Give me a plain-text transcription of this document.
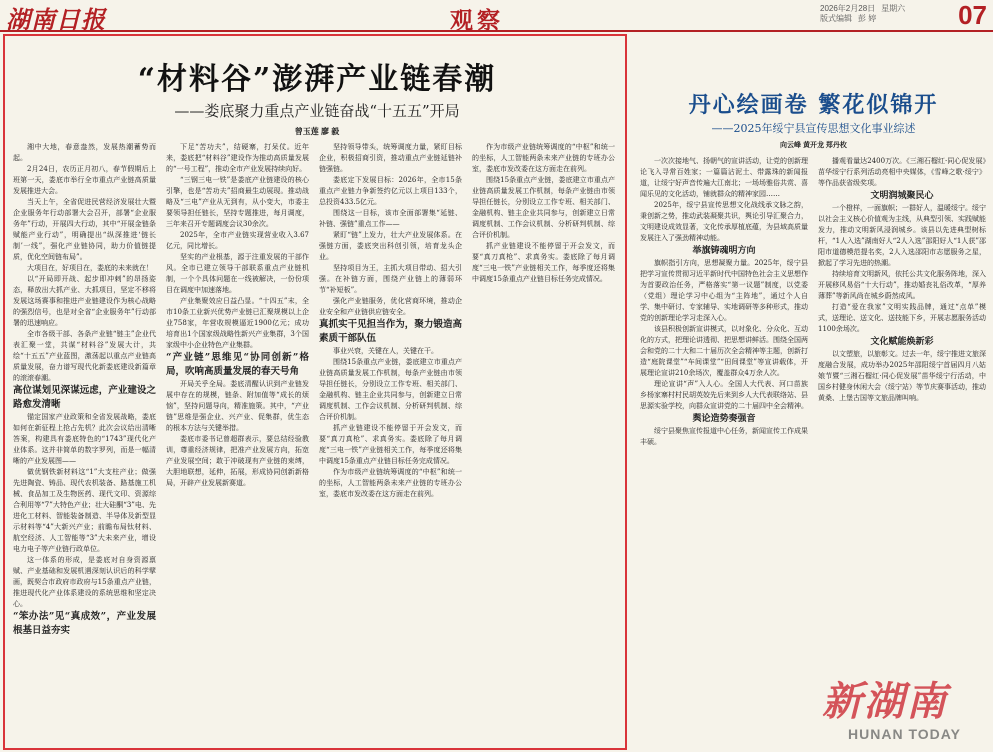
湖南日报	观察	2026年2月28日 星期六
版式编辑 彭 婷	07
“材料谷”澎湃产业链春潮
——娄底聚力重点产业链奋战“十五五”开局
曾玉莲 廖 毅

湘中大地，春意盎然，发展热潮蓄势而起。

2月24日，农历正月初八，春节假期后上班第一天，娄底市举行全市重点产业链高质量发展推进大会。

当天上午，全省促进民营经济发展壮大暨企业服务年行动部署大会召开，部署“企业服务年”行动，开展四大行动，其中“开展金链条赋能产业行动”，明确提出“纵深推进‘链长制’一线”，强化产业链协同，助力价值链提质，优化空间链布局”。

大项目在，好项目在，娄底的未来就在！

以“开局即开战、起步即冲刺”的昂扬姿态，释放出大抓产业、大抓项目，坚定不移将发展这场赛事和推进产业链建设作为核心战略的强烈信号，也是对全省“企业服务年”行动部署的迅速响应。

全市各级干部、各条产业链“链主”企业代表汇聚一堂，共谋“材料谷”发展大计，共绘“十五五”产业蓝图，激荡起以重点产业链高质量发展，奋力谱写现代化新娄底建设新篇章的滚滚春潮。

高位谋划见深谋远虑，产业建设之路愈发清晰

锚定国家产业政策和全省发展战略，娄底如何在新征程上抢占先机？此次会议给出清晰答案，构建具有娄底特色的“1743”现代化产业体系。这并非简单的数字罗列，而是一幅清晰的产业发展图——

做优钢铁新材料这“1”大支柱产业；做强先进陶瓷、铸品、现代农机装备、路基施工机械、食品加工及生物医药、现代文印、资源综合利用等“7”大特色产业；壮大硅酮“3”电、先进化工材料、智能装备制造、半导体及新型显示材料等“4”大新兴产业；前瞻布局钛材料、航空经济、人工智能等“3”大未来产业，增设电力电子等产业链行政单位。

这一体系的形成，是娄底对自身资源禀赋、产业基础和发展机遇深刻认识后的科学擘画，既契合市政府市政府与15条重点产业链，推进现代化产业体系建设的系统思维和坚定决心。

“笨办法”见“真成效”，产业发展根基日益夯实

下足“苦功夫”，结硬寨，打呆仗。近年来，娄底把“材料谷”建设作为推动高质量发展的“一号工程”，推动全市产业发展持续向好。

“三钢三电一铁”是娄底产业链建设的核心引擎，也是“苦功夫”招商最生动展现。推动战略及“三电”产业从无到有，从小变大，市委主要领导担任链长，坚持专题推进，每月调度，三年来召开专题调度会议30余次。

2025年，全市产业链实现营业收入3.67亿元，同比增长。

坚实的产业根基，源于注重发展的干部作风。全市已建立领导干部联系重点产业链机制，一个个具体问题在一线被解决，一份份项目在调度中加速落地。

产业集聚效应日益凸显。“十四五”末，全市10条工业新兴优势产业链已汇聚规模以上企业758家，年营收规模逼近1900亿元；成功培育出1个国家级战略性新兴产业集群，3个国家级中小企业特色产业集群。

“产业链”思维见“协同创新”格局，吹响高质量发展的春天号角

开局关乎全局。娄底清醒认识到产业链发展中存在的规模，链条、附加值等“成长的烦恼”，坚持问题导向，精准施策。其中，“产业链”思维是强企业、兴产业、促集群，优生态的根本方法与关键举措。

娄底市委书记曾超群表示，要总结经验教训，尊重经济规律，把准产业发展方向，拓宽产业发展空间；敢于冲破现有产业链的束缚，大胆地联想，延伸，拓展，形成协同创新新格局，开辟产业发展新赛道。

坚持领导带头，统筹调度力量，紧盯目标企业，积极招商引资，推动重点产业链延链补链强链。

娄底定下发展目标：2026年，全市15条重点产业链力争新签约亿元以上项目133个，总投资433.5亿元。

围绕这一目标，该市全面部署集“延链、补链、强链”重点工作——

紧盯“链”上发力，壮大产业发展体系。在强链方面，娄底突出科创引领，培育龙头企业。

坚持项目为王，主抓大项目带动、招大引强。在补链方面，围绕产业链上的薄弱环节“补短板”。

强化产业链服务，优化营商环境，推动企业安全和产业链供应链安全。

真抓实干见担当作为，聚力锻造高素质干部队伍

事业兴衰，关键在人，关键在干。

围绕15条重点产业链，娄底建立市重点产业链高质量发展工作机制，每条产业链由市领导担任链长，分别设立工作专班、相关部门、金融机构、链主企业共同参与，创新建立日常调度机制、工作会议机制、分析研判机制、综合评价机制。

抓产业链建设不能停留于开会发文，而要“真刀真枪”、求真务实。娄底除了每月调度“三电一铁”产业链相关工作，每季度还将集中调度15条重点产业链目标任务完成情况。

作为市级产业链统筹调度的“中枢”和统一的坐标，人工智能两条未来产业链的专班办公室，娄底市发改委在这方面走在前列。

作为市级产业链统筹调度的“中枢”和统一的坐标，人工智能两条未来产业链的专班办公室，娄底市发改委在这方面走在前列。

围绕15条重点产业链，娄底建立市重点产业链高质量发展工作机制，每条产业链由市领导担任链长，分别设立工作专班、相关部门、金融机构、链主企业共同参与，创新建立日常调度机制、工作会议机制、分析研判机制、综合评价机制。

抓产业链建设不能停留于开会发文，而要“真刀真枪”、求真务实。娄底除了每月调度“三电一铁”产业链相关工作，每季度还将集中调度15条重点产业链目标任务完成情况。

丹心绘画卷 繁花似锦开
——2025年绥宁县宣传思想文化事业综述
向云峰 黄开龙 郑丹枚

一次次接地气、扬朝气的宣讲活动，让党的创新理论飞入寻常百姓家；一篇篇沾泥土、带露珠的新闻报道，让绥宁好声音传遍大江南北；一场场雅俗共赏、喜闻乐见的文化活动，铺就群众的精神家园……

2025年，绥宁县宣传思想文化战线承文脉之韵，秉创新之势，推动武装凝聚共识，舆论引导汇聚合力，文明建设成效显著，文化传承厚植底蕴，为县域高质量发展注入了强劲精神动能。

举旗铸魂明方向

旗帜指引方向，思想凝聚力量。2025年，绥宁县把学习宣传贯彻习近平新时代中国特色社会主义思想作为首要政治任务，严格落实“第一议题”制度，以党委（党组）理论学习中心组为“主阵地”，通过个人自学、集中研讨、专家辅导、实地调研等多种形式，推动党的创新理论学习走深入心。

该县积极创新宣讲模式，以对象化、分众化、互动化的方式，把理论讲透彻、把思想讲鲜活。围绕全国两会和党的二十大和二十届历次全会精神等主题，创新打造“庭院课堂”“车间课堂”“田间课堂”等宣讲载体，开展理论宣讲210余场次，覆盖群众4万余人次。

理论宣讲“声”入人心。全国人大代表、河口苗族乡杨家寨村村民胡英姣先后来到乡人大代表联络站、县思源实验学校，向群众宣讲党的二十届四中全会精神。

舆论造势奏强音

绥宁县聚焦宣传报道中心任务，新闻宣传工作成果丰硕。

播观看量达2400万次。《三湘石榴红·同心促发展》苗华绥宁行系列活动亮相中央媒体，《雪峰之歌·绥宁》等作品获省级奖项。

文明润城聚民心

一个橙样，一面旗帜；一群好人，温暖绥宁。绥宁以社会主义核心价值观为主线，从典型引领、实践赋能发力，推动文明新风浸润城乡。该县以先进典型树标杆，“1人入选”湖南好人“2人入选”邵阳好人“1人获”邵阳市道德模范提名奖，2人入选邵阳市志愿服务之星，掀起了学习先进的热潮。

持续培育文明新风，依托公共文化服务阵地，深入开展移风易俗“十大行动”，推动婚丧礼俗改革，“厚养薄葬”等新风尚在城乡蔚然成风。

打造“爱在我家”文明实践品牌，通过“点单”模式，送理论、送文化、送技能下乡，开展志愿服务活动1100余场次。

文化赋能焕新彩

以文塑旅，以旅彰文。过去一年，绥宁推进文旅深度融合发展，成功举办2025年邵阳绥宁首届四月八姑娘节暨“三湘石榴红·同心促发展”苗华绥宁行活动，中国乡村健身休闲大会（绥宁站）等节庆赛事活动，推动黄桑、上堡古国等文旅品牌叫响。

新湖南
HUNAN TODAY
